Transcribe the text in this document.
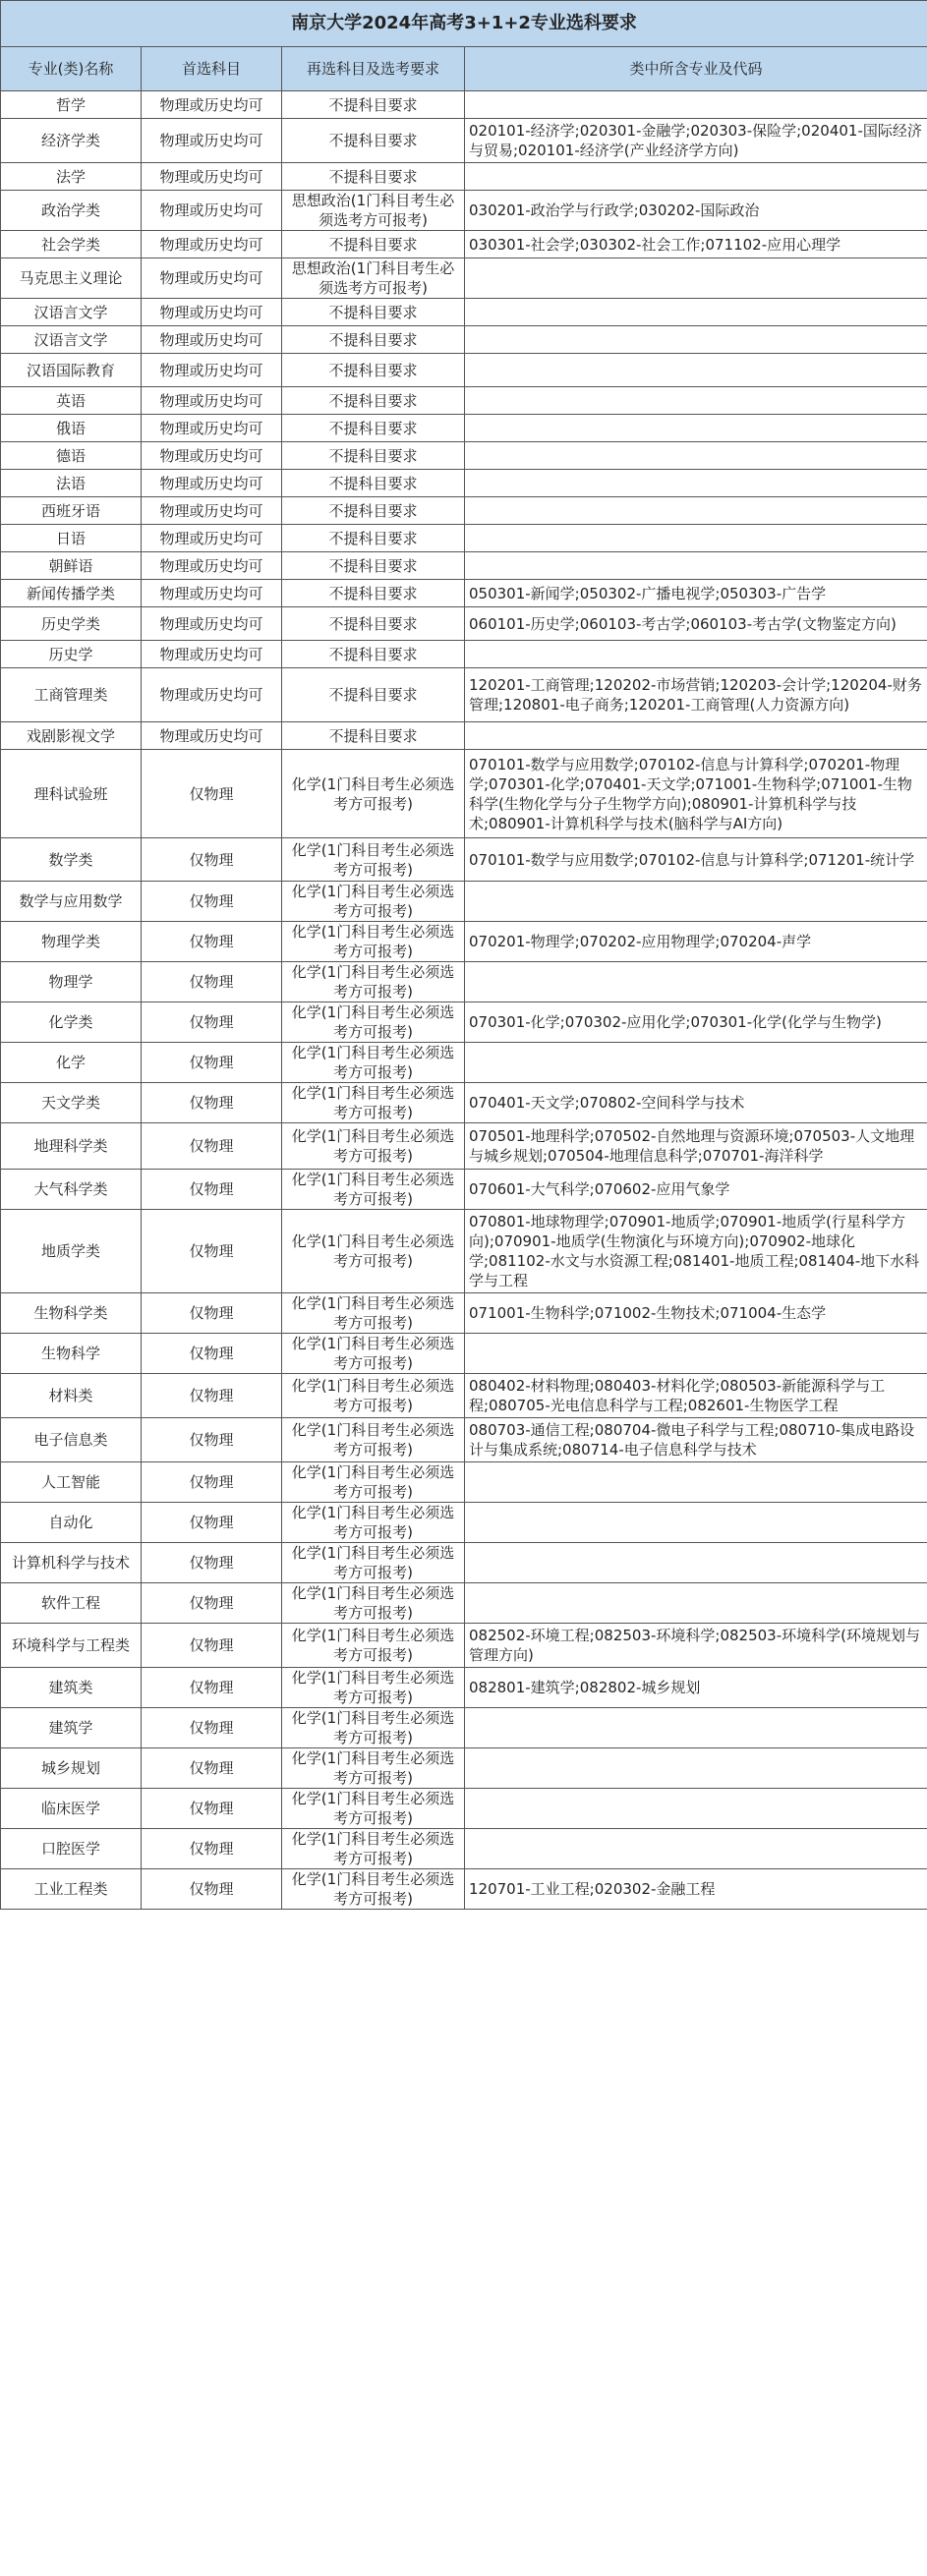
南京大学2024年高考3+1+2专业选科要求			
专业(类)名称	首选科目	再选科目及选考要求	类中所含专业及代码
哲学	物理或历史均可	不提科目要求	
经济学类	物理或历史均可	不提科目要求	020101-经济学;020301-金融学;020303-保险学;020401-国际经济与贸易;020101-经济学(产业经济学方向)
法学	物理或历史均可	不提科目要求	
政治学类	物理或历史均可	思想政治(1门科目考生必须选考方可报考)	030201-政治学与行政学;030202-国际政治
社会学类	物理或历史均可	不提科目要求	030301-社会学;030302-社会工作;071102-应用心理学
马克思主义理论	物理或历史均可	思想政治(1门科目考生必须选考方可报考)	
汉语言文学	物理或历史均可	不提科目要求	
汉语言文学	物理或历史均可	不提科目要求	
汉语国际教育	物理或历史均可	不提科目要求	
英语	物理或历史均可	不提科目要求	
俄语	物理或历史均可	不提科目要求	
德语	物理或历史均可	不提科目要求	
法语	物理或历史均可	不提科目要求	
西班牙语	物理或历史均可	不提科目要求	
日语	物理或历史均可	不提科目要求	
朝鲜语	物理或历史均可	不提科目要求	
新闻传播学类	物理或历史均可	不提科目要求	050301-新闻学;050302-广播电视学;050303-广告学
历史学类	物理或历史均可	不提科目要求	060101-历史学;060103-考古学;060103-考古学(文物鉴定方向)
历史学	物理或历史均可	不提科目要求	
工商管理类	物理或历史均可	不提科目要求	120201-工商管理;120202-市场营销;120203-会计学;120204-财务管理;120801-电子商务;120201-工商管理(人力资源方向)
戏剧影视文学	物理或历史均可	不提科目要求	
理科试验班	仅物理	化学(1门科目考生必须选考方可报考)	070101-数学与应用数学;070102-信息与计算科学;070201-物理学;070301-化学;070401-天文学;071001-生物科学;071001-生物科学(生物化学与分子生物学方向);080901-计算机科学与技术;080901-计算机科学与技术(脑科学与AI方向)
数学类	仅物理	化学(1门科目考生必须选考方可报考)	070101-数学与应用数学;070102-信息与计算科学;071201-统计学
数学与应用数学	仅物理	化学(1门科目考生必须选考方可报考)	
物理学类	仅物理	化学(1门科目考生必须选考方可报考)	070201-物理学;070202-应用物理学;070204-声学
物理学	仅物理	化学(1门科目考生必须选考方可报考)	
化学类	仅物理	化学(1门科目考生必须选考方可报考)	070301-化学;070302-应用化学;070301-化学(化学与生物学)
化学	仅物理	化学(1门科目考生必须选考方可报考)	
天文学类	仅物理	化学(1门科目考生必须选考方可报考)	070401-天文学;070802-空间科学与技术
地理科学类	仅物理	化学(1门科目考生必须选考方可报考)	070501-地理科学;070502-自然地理与资源环境;070503-人文地理与城乡规划;070504-地理信息科学;070701-海洋科学
大气科学类	仅物理	化学(1门科目考生必须选考方可报考)	070601-大气科学;070602-应用气象学
地质学类	仅物理	化学(1门科目考生必须选考方可报考)	070801-地球物理学;070901-地质学;070901-地质学(行星科学方向);070901-地质学(生物演化与环境方向);070902-地球化学;081102-水文与水资源工程;081401-地质工程;081404-地下水科学与工程
生物科学类	仅物理	化学(1门科目考生必须选考方可报考)	071001-生物科学;071002-生物技术;071004-生态学
生物科学	仅物理	化学(1门科目考生必须选考方可报考)	
材料类	仅物理	化学(1门科目考生必须选考方可报考)	080402-材料物理;080403-材料化学;080503-新能源科学与工程;080705-光电信息科学与工程;082601-生物医学工程
电子信息类	仅物理	化学(1门科目考生必须选考方可报考)	080703-通信工程;080704-微电子科学与工程;080710-集成电路设计与集成系统;080714-电子信息科学与技术
人工智能	仅物理	化学(1门科目考生必须选考方可报考)	
自动化	仅物理	化学(1门科目考生必须选考方可报考)	
计算机科学与技术	仅物理	化学(1门科目考生必须选考方可报考)	
软件工程	仅物理	化学(1门科目考生必须选考方可报考)	
环境科学与工程类	仅物理	化学(1门科目考生必须选考方可报考)	082502-环境工程;082503-环境科学;082503-环境科学(环境规划与管理方向)
建筑类	仅物理	化学(1门科目考生必须选考方可报考)	082801-建筑学;082802-城乡规划
建筑学	仅物理	化学(1门科目考生必须选考方可报考)	
城乡规划	仅物理	化学(1门科目考生必须选考方可报考)	
临床医学	仅物理	化学(1门科目考生必须选考方可报考)	
口腔医学	仅物理	化学(1门科目考生必须选考方可报考)	
工业工程类	仅物理	化学(1门科目考生必须选考方可报考)	120701-工业工程;020302-金融工程
